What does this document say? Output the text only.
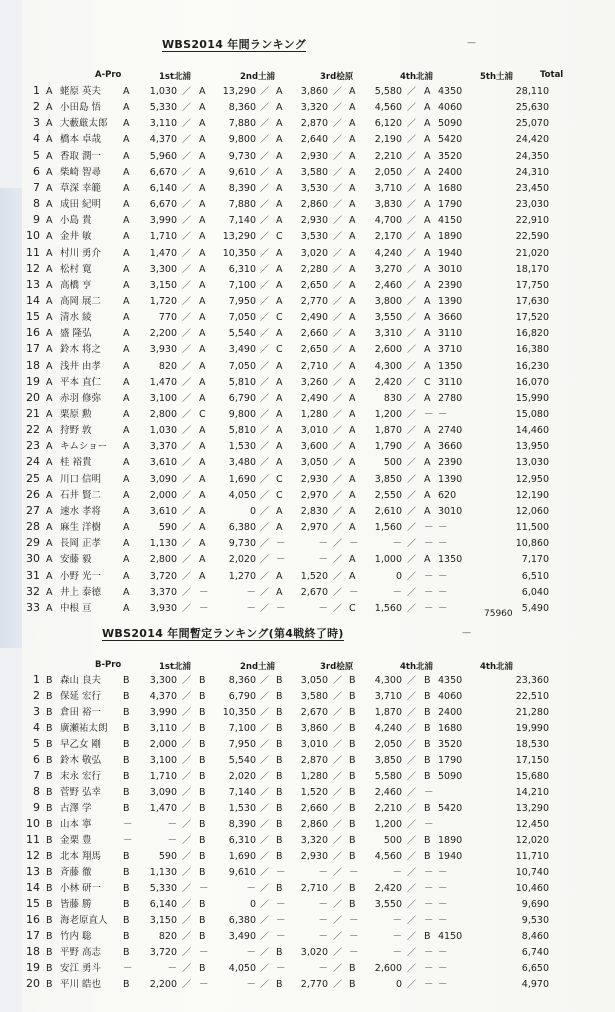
WBS2014 年間ランキング	—
A-Pro	1st北浦	2nd土浦	3rd桧原	4th北浦	5th土浦	Total
1 A 蛯原 英夫 A	1,030 ／ A	13,290 ／ A	3,860 ／ A	5,580 ／ A 4350	28,110
2 A 小田島 悟 A	5,330 ／ A	8,360 ／ A	3,320 ／ A	4,560 ／ A 4060	25,630
3 A 大藪厳太郎 A	3,110 ／ A	7,880 ／ A	2,870 ／ A	6,120 ／ A 5090	25,070
4 A 橋本 卓哉 A	4,370 ／ A	9,800 ／ A	2,640 ／ A	2,190 ／ A 5420	24,420
5 A 香取 潤一 A	5,960 ／ A	9,730 ／ A	2,930 ／ A	2,210 ／ A 3520	24,350
6 A 柴崎 智尋 A	6,670 ／ A	9,610 ／ A	3,580 ／ A	2,050 ／ A 2400	24,310
7 A 草深 幸範 A	6,140 ／ A	8,390 ／ A	3,530 ／ A	3,710 ／ A 1680	23,450
8 A 成田 紀明 A	6,670 ／ A	7,880 ／ A	2,860 ／ A	3,830 ／ A 1790	23,030
9 A 小島 貴	A	3,990 ／ A	7,140 ／ A	2,930 ／ A	4,700 ／ A 4150	22,910
10 A 金井 敏	A	1,710 ／ A	13,290 ／ C	3,530 ／ A	2,170 ／ A 1890	22,590
11 A 村川 勇介 A	1,470 ／ A	10,350 ／ A	3,020 ／ A	4,240 ／ A 1940	21,020
12 A 松村 寛	A	3,300 ／ A	6,310 ／ A	2,280 ／ A	3,270 ／ A 3010	18,170
13 A 高橋 亨	A	3,150 ／ A	7,100 ／ A	2,650 ／ A	2,460 ／ A 2390	17,750
14 A 高岡 展二 A	1,720 ／ A	7,950 ／ A	2,770 ／ A	3,800 ／ A 1390	17,630
15 A 清水 綾	A	770 ／ A	7,050 ／ C	2,490 ／ A	3,550 ／ A 3660	17,520
16 A 盛 隆弘	A	2,200 ／ A	5,540 ／ A	2,660 ／ A	3,310 ／ A 3110	16,820
17 A 鈴木 将之 A	3,930 ／ A	3,490 ／ C	2,650 ／ A	2,600 ／ A 3710	16,380
18 A 浅井 由孝 A	820 ／ A	7,050 ／ A	2,710 ／ A	4,300 ／ A 1350	16,230
19 A 平本 直仁 A	1,470 ／ A	5,810 ／ A	3,260 ／ A	2,420 ／ C 3110	16,070
20 A 赤羽 修弥 A	3,100 ／ A	6,790 ／ A	2,490 ／ A	830 ／ A 2780	15,990
21 A 栗原 勲	A	2,800 ／ C	9,800 ／ A	1,280 ／ A	1,200 ／ － －	15,080
22 A 狩野 敦	A	1,030 ／ A	5,810 ／ A	3,010 ／ A	1,870 ／ A 2740	14,460
23 A キムショー A	3,370 ／ A	1,530 ／ A	3,600 ／ A	1,790 ／ A 3660	13,950
24 A 桂 裕貴	A	3,610 ／ A	3,480 ／ A	3,050 ／ A	500 ／ A 2390	13,030
25 A 川口 信明 A	3,090 ／ A	1,690 ／ C	2,930 ／ A	3,850 ／ A 1390	12,950
26 A 石井 賢二 A	2,000 ／ A	4,050 ／ C	2,970 ／ A	2,550 ／ A 620	12,190
27 A 速水 孝将 A	3,610 ／ A	0 ／ A	2,830 ／ A	2,610 ／ A 3010	12,060
28 A 麻生 洋樹 A	590 ／ A	6,380 ／ A	2,970 ／ A	1,560 ／ － －	11,500
29 A 長岡 正孝 A	1,130 ／ A	9,730 ／ －	－ ／ －	－ ／ － －	10,860
30 A 安藤 毅	A	2,800 ／ A	2,020 ／ －	－ ／ A	1,000 ／ A 1350	7,170
31 A 小野 光一 A	3,720 ／ A	1,270 ／ A	1,520 ／ A	0 ／ － －	6,510
32 A 井上 泰徳 A	3,370 ／ －	－ ／ A	2,670 ／ －	－ ／ － －	6,040
33 A 中根 亘	A	3,930 ／ －	－ ／ －	－ ／ C	1,560 ／ － －	5,490
75960
WBS2014 年間暫定ランキング(第4戦終了時)	—
B-Pro	1st北浦	2nd土浦	3rd桧原	4th北浦	4th北浦
1 B 森山 良夫 B	3,300 ／ B	8,360 ／ B	3,050 ／ B	4,300 ／ B 4350	23,360
2 B 保延 宏行 B	4,370 ／ B	6,790 ／ B	3,580 ／ B	3,710 ／ B 4060	22,510
3 B 倉田 裕一 B	3,990 ／ B	10,350 ／ B	2,670 ／ B	1,870 ／ B 2400	21,280
4 B 廣瀬祐太朗 B	3,110 ／ B	7,100 ／ B	3,860 ／ B	4,240 ／ B 1680	19,990
5 B 早乙女 剛 B	2,000 ／ B	7,950 ／ B	3,010 ／ B	2,050 ／ B 3520	18,530
6 B 鈴木 敬弘 B	3,100 ／ B	5,540 ／ B	2,870 ／ B	3,850 ／ B 1790	17,150
7 B 末永 宏行 B	1,710 ／ B	2,020 ／ B	1,280 ／ B	5,580 ／ B 5090	15,680
8 B 菅野 弘幸 B	3,090 ／ B	7,140 ／ B	1,520 ／ B	2,460 ／ －	14,210
9 B 古澤 学	B	1,470 ／ B	1,530 ／ B	2,660 ／ B	2,210 ／ B 5420	13,290
10 B 山本 寧	－	－ ／ B	8,390 ／ B	2,860 ／ B	1,200 ／ －	12,450
11 B 金栗 豊	－	－ ／ B	6,310 ／ B	3,320 ／ B	500 ／ B 1890	12,020
12 B 北本 翔馬 B	590 ／ B	1,690 ／ B	2,930 ／ B	4,560 ／ B 1940	11,710
13 B 斉藤 徹	B	1,130 ／ B	9,610 ／ －	－ ／ －	－ ／ － －	10,740
14 B 小林 研一 B	5,330 ／ －	－ ／ B	2,710 ／ B	2,420 ／ － －	10,460
15 B 皆藤 勝	B	6,140 ／ B	0 ／ －	－ ／ B	3,550 ／ － －	9,690
16 B 海老原直人 B	3,150 ／ B	6,380 ／ －	－ ／ －	－ ／ － －	9,530
17 B 竹内 聡	B	820 ／ B	3,490 ／ －	－ ／ －	－ ／ B 4150	8,460
18 B 平野 高志 B	3,720 ／ －	－ ／ B	3,020 ／ －	－ ／ － －	6,740
19 B 安江 勇斗 －	－ ／ B	4,050 ／ －	－ ／ B	2,600 ／ － －	6,650
20 B 平川 皓也 B	2,200 ／ －	－ ／ B	2,770 ／ B	0 ／ － －	4,970
